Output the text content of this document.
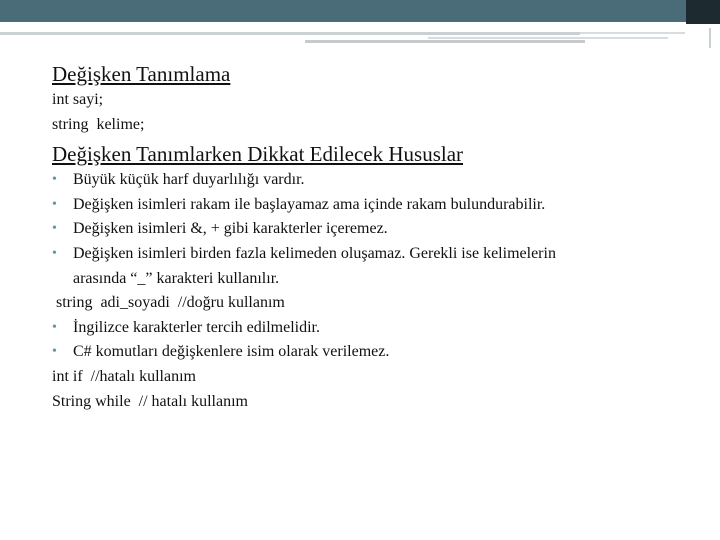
Değişken Tanımlama

int sayi;

string  kelime;

Değişken Tanımlarken Dikkat Edilecek Hususlar

• Büyük küçük harf duyarlılığı vardır.
• Değişken isimleri rakam ile başlayamaz ama içinde rakam bulundurabilir.
• Değişken isimleri &, + gibi karakterler içeremez.
• Değişken isimleri birden fazla kelimeden oluşamaz. Gerekli ise kelimelerin
arasında “_” karakteri kullanılır.

string  adi_soyadi  //doğru kullanım

• İngilizce karakterler tercih edilmelidir.
• C# komutları değişkenlere isim olarak verilemez.

int if  //hatalı kullanım

String while  // hatalı kullanım
